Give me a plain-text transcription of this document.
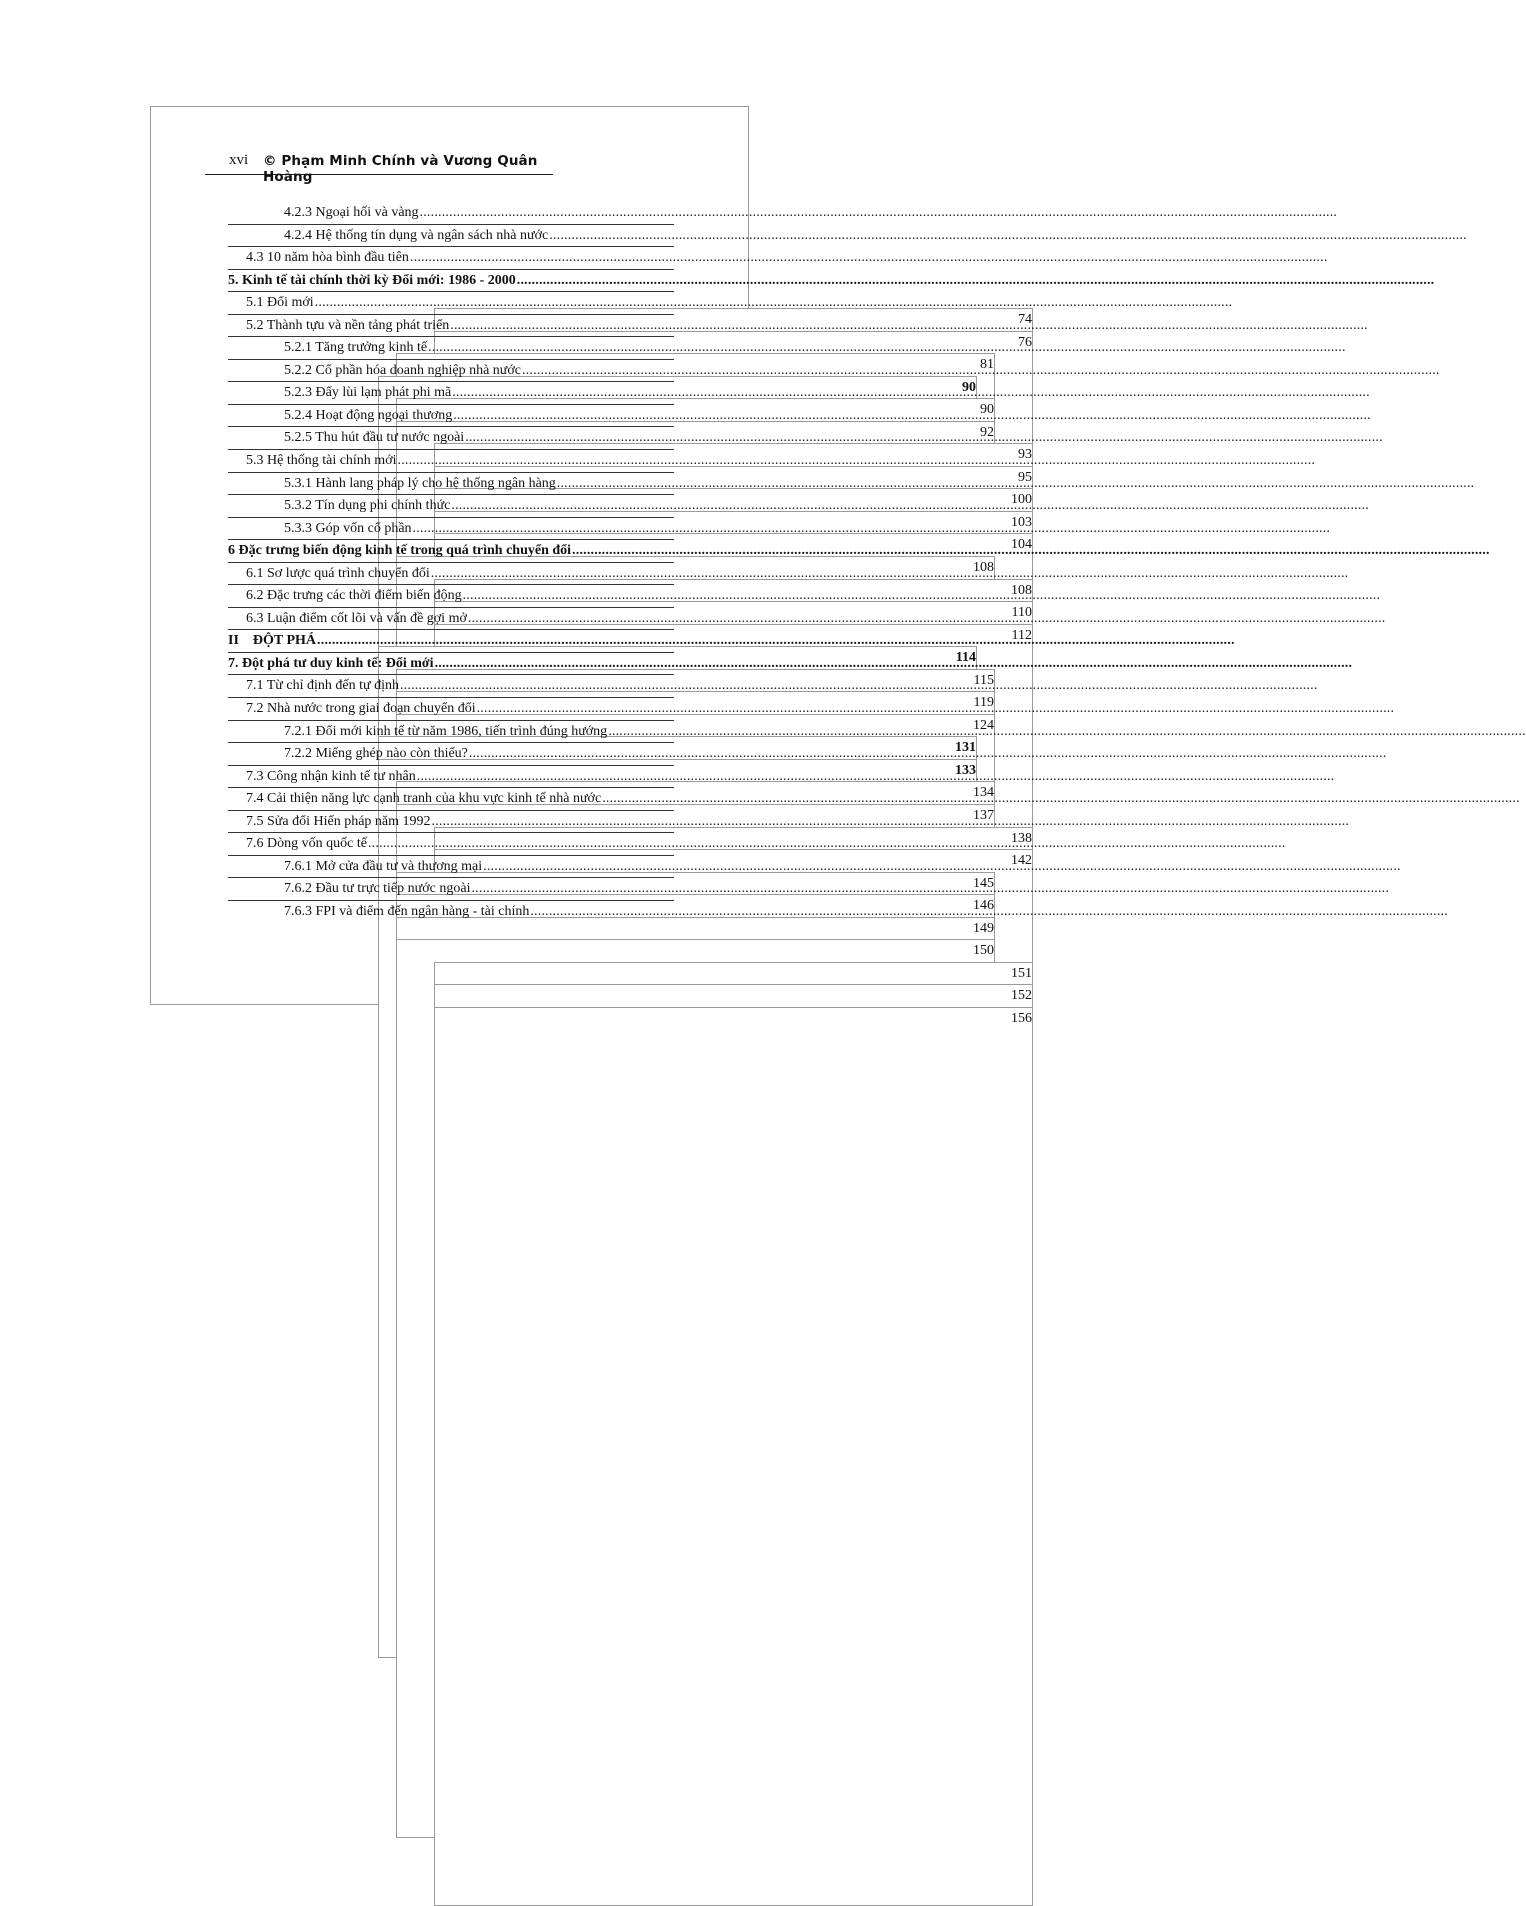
xvi © Phạm Minh Chính và Vương Quân Hoàng
4.2.3 Ngoại hối và vàng
.....
74
4.2.4 Hệ thống tín dụng và ngân sách nhà nước
.....
76
4.3 10 năm hòa bình đầu tiên
.....
81
5. Kinh tế tài chính thời kỳ Đổi mới: 1986 - 2000
.....
90
5.1 Đổi mới
.....
90
5.2 Thành tựu và nền tảng phát triển
.....
92
5.2.1 Tăng trưởng kinh tế
.....
93
5.2.2 Cổ phần hóa doanh nghiệp nhà nước
.....
95
5.2.3 Đẩy lùi lạm phát phi mã
.....
100
5.2.4 Hoạt động ngoại thương
.....
103
5.2.5 Thu hút đầu tư nước ngoài
.....
104
5.3 Hệ thống tài chính mới
.....
108
5.3.1 Hành lang pháp lý cho hệ thống ngân hàng
.....
108
5.3.2 Tín dụng phi chính thức
.....
110
5.3.3 Góp vốn cổ phần
.....
112
6 Đặc trưng biến động kinh tế trong quá trình chuyển đổi
.....
114
6.1 Sơ lược quá trình chuyển đổi
.....
115
6.2 Đặc trưng các thời điểm biến động
.....
119
6.3 Luận điểm cốt lõi và vấn đề gợi mở
.....
124
II    ĐỘT PHÁ
.....
131
7. Đột phá tư duy kinh tế: Đổi mới
.....
133
7.1 Từ chỉ định đến tự định
.....
134
7.2 Nhà nước trong giai đoạn chuyển đổi
.....
137
7.2.1 Đổi mới kinh tế từ năm 1986, tiến trình đúng hướng
.....
138
7.2.2 Miếng ghép nào còn thiếu?
.....
142
7.3 Công nhận kinh tế tư nhân
.....
145
7.4 Cải thiện năng lực cạnh tranh của khu vực kinh tế nhà nước
.....
146
7.5 Sửa đổi Hiến pháp năm 1992
.....
149
7.6 Dòng vốn quốc tế
.....
150
7.6.1 Mở cửa đầu tư và thương mại
.....
151
7.6.2 Đầu tư trực tiếp nước ngoài
.....
152
7.6.3 FPI và điểm đến ngân hàng - tài chính
.....
156
